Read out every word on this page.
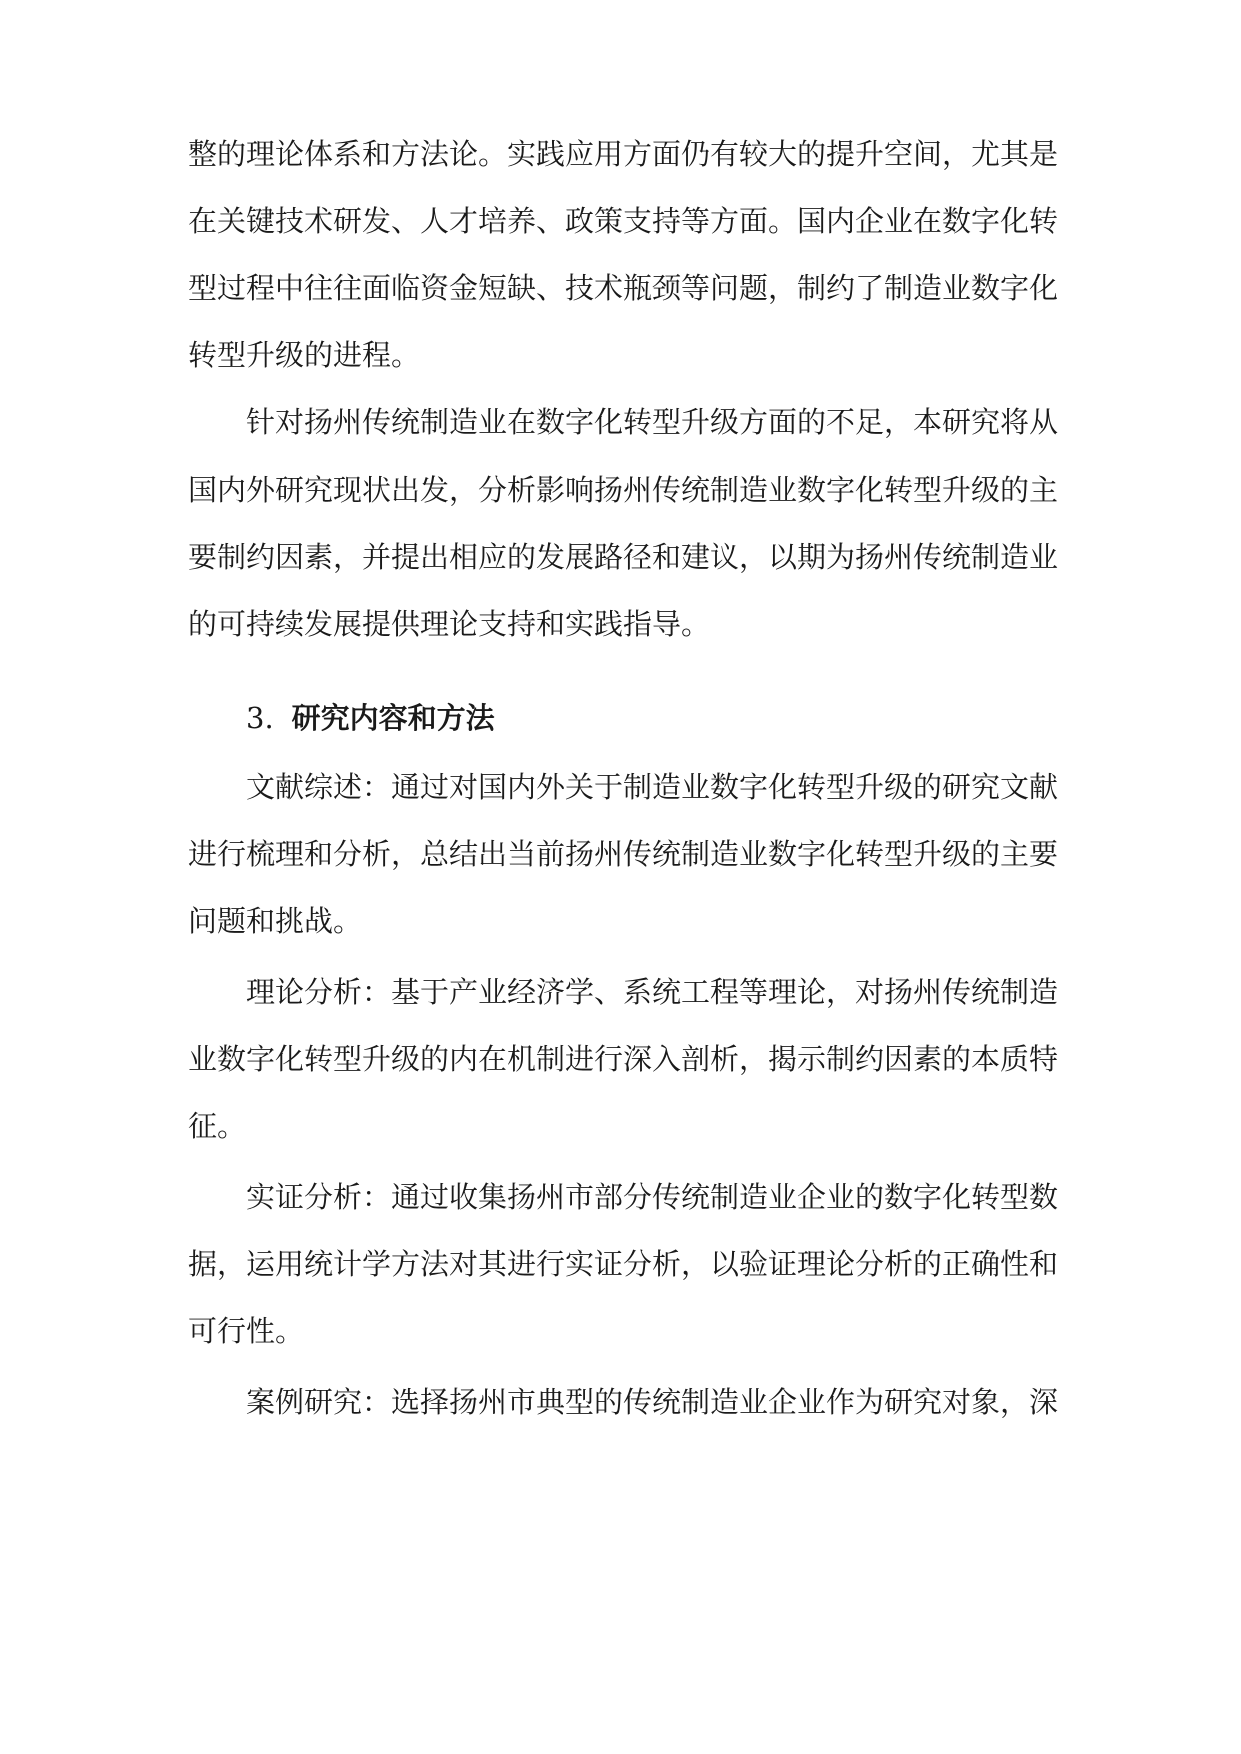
整的理论体系和方法论。实践应用方面仍有较大的提升空间，尤其是
在关键技术研发、人才培养、政策支持等方面。国内企业在数字化转
型过程中往往面临资金短缺、技术瓶颈等问题，制约了制造业数字化
转型升级的进程。
针对扬州传统制造业在数字化转型升级方面的不足，本研究将从
国内外研究现状出发，分析影响扬州传统制造业数字化转型升级的主
要制约因素，并提出相应的发展路径和建议，以期为扬州传统制造业
的可持续发展提供理论支持和实践指导。
3. 研究内容和方法
文献综述：通过对国内外关于制造业数字化转型升级的研究文献
进行梳理和分析，总结出当前扬州传统制造业数字化转型升级的主要
问题和挑战。
理论分析：基于产业经济学、系统工程等理论，对扬州传统制造
业数字化转型升级的内在机制进行深入剖析，揭示制约因素的本质特
征。
实证分析：通过收集扬州市部分传统制造业企业的数字化转型数
据，运用统计学方法对其进行实证分析，以验证理论分析的正确性和
可行性。
案例研究：选择扬州市典型的传统制造业企业作为研究对象，深
